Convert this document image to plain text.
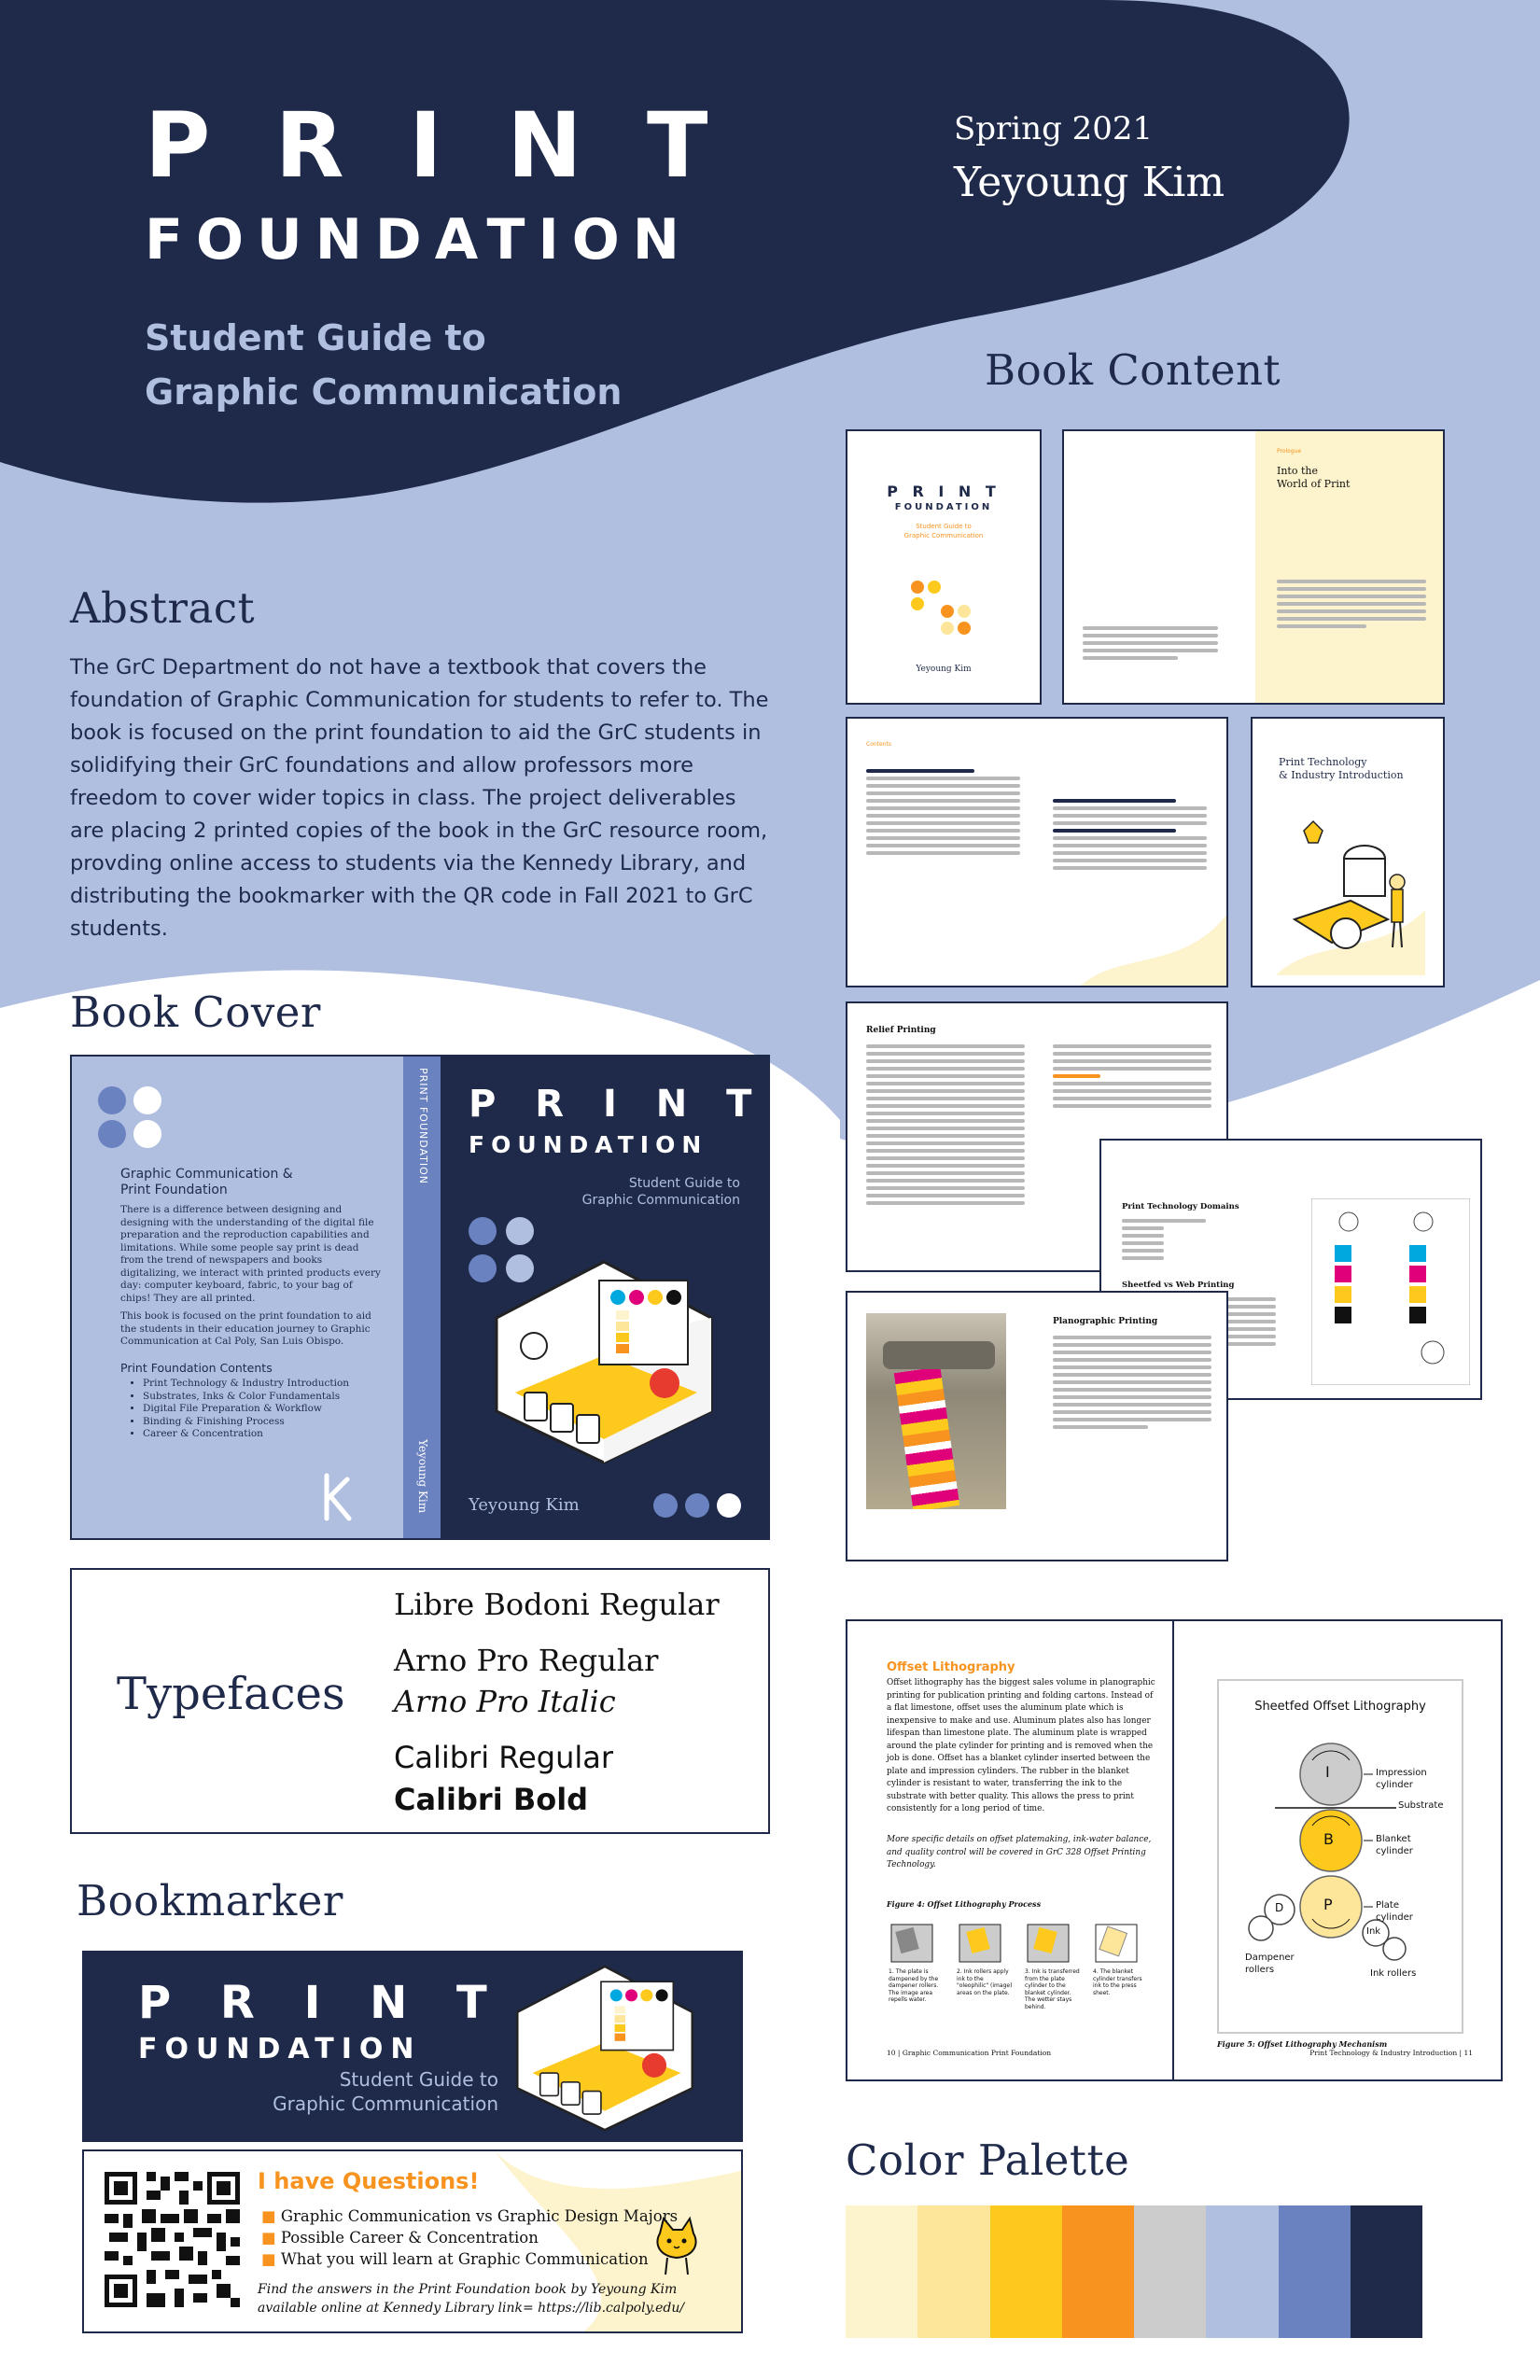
P R I N T
FOUNDATION
Student Guide to
Graphic Communication
Spring 2021
Yeyoung Kim
Abstract
The GrC Department do not have a textbook that covers the foundation of Graphic Communication for students to refer to. The book is focused on the print foundation to aid the GrC students in solidifying their GrC foundations and allow professors more freedom to cover wider topics in class. The project deliverables are placing 2 printed copies of the book in the GrC resource room, provding online access to students via the Kennedy Library, and distributing the bookmarker with the QR code in Fall 2021 to GrC students.
Book Cover
Graphic Communication & Print Foundation
There is a difference between designing and designing with the understanding of the digital file preparation and the reproduction capabilities and limitations. While some people say print is dead from the trend of newspapers and books digitalizing, we interact with printed products every day: computer keyboard, fabric, to your bag of chips! They are all printed.
This book is focused on the print foundation to aid the students in their education journey to Graphic Communication at Cal Poly, San Luis Obispo.
Print Foundation Contents
• Print Technology & Industry Introduction
• Substrates, Inks & Color Fundamentals
• Digital File Preparation & Workflow
• Binding & Finishing Process
• Career & Concentration
PRINT FOUNDATION
Yeyoung Kim
P R I N T
FOUNDATION
Student Guide to
Graphic Communication
Yeyoung Kim
Typefaces
Libre Bodoni Regular
Arno Pro Regular
Arno Pro Italic
Calibri Regular
Calibri Bold
Bookmarker
P R I N T
FOUNDATION
Student Guide to
Graphic Communication
I have Questions!
■ Graphic Communication vs Graphic Design Majors
■ Possible Career & Concentration
■ What you will learn at Graphic Communication
Find the answers in the Print Foundation book by Yeyoung Kim
available online at Kennedy Library link= https://lib.calpoly.edu/
Book Content
P R I N T
FOUNDATION
Student Guide to
Graphic Communication
Yeyoung Kim
Prologue
Into the
World of Print
Contents
Print Technology
& Industry Introduction
Relief Printing
Print Technology Domains
Sheetfed vs Web Printing
Planographic Printing
Offset Lithography
Offset lithography has the biggest sales volume in planographic printing for publication printing and folding cartons. Instead of a flat limestone, offset uses the aluminum plate which is inexpensive to make and use. Aluminum plates also has longer lifespan than limestone plate. The aluminum plate is wrapped around the plate cylinder for printing and is removed when the job is done. Offset has a blanket cylinder inserted between the plate and impression cylinders. The rubber in the blanket cylinder is resistant to water, transferring the ink to the substrate with better quality. This allows the press to print consistently for a long period of time.
More specific details on offset platemaking, ink-water balance, and quality control will be covered in GrC 328 Offset Printing Technology.
Figure 4: Offset Lithography Process
1. The plate is dampened by the dampener rollers. The image area repells water.
2. Ink rollers apply ink to the "oleophilic" (image) areas on the plate.
3. Ink is transferred from the plate cylinder to the blanket cylinder. The wetter stays behind.
4. The blanket cylinder transfers ink to the press sheet.
10 | Graphic Communication Print Foundation
Sheetfed Offset Lithography
I
B
P
D
Ink
Impression cylinder
Substrate
Blanket cylinder
Plate cylinder
Dampener rollers	Ink rollers
Figure 5: Offset Lithography Mechanism
Print Technology & Industry Introduction | 11
Color Palette
